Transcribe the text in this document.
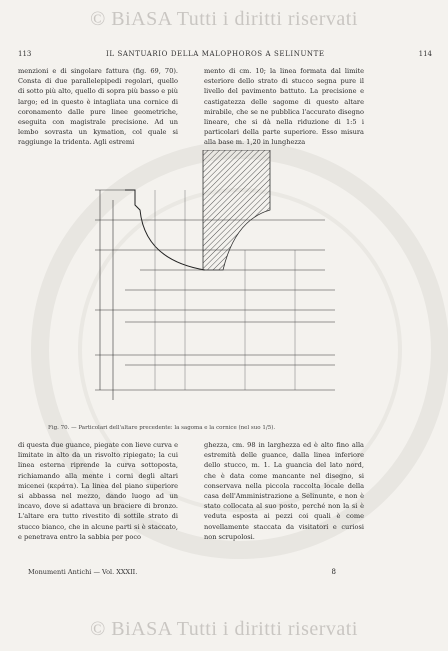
© BiASA Tutti i diritti riservati
113	IL SANTUARIO DELLA MALOPHOROS A SELINUNTE	114

menzioni e di singolare fattura (fig. 69, 70). Consta di due parallelepipedi regolari, quello di sotto più alto, quello di sopra più basso e più largo; ed in questo è intagliata una cornice di coronamento dalle pure linee geometriche, eseguita con magistrale precisione. Ad un lembo sovrasta un kymation, col quale si raggiunge la tridenta. Agli estremi

mento di cm. 10; la linea formata dal limite esteriore dello strato di stucco segna pure il livello del pavimento battuto. La precisione e castigatezza delle sagome di questo altare mirabile, che se ne pubblica l'accurato disegno lineare, che si dà nella riduzione di 1:5 i particolari della parte superiore. Esso misura alla base m. 1,20 in lunghezza

Fig. 70. — Particolari dell'altare precedente: la sagoma e la cornice (nel suo 1/5).

di questa due guance, piegate con lieve curva e limitate in alto da un risvolto ripiegato; la cui linea esterna riprende la curva sottoposta, richiamando alla mente i corni degli altari micenei (κεράτα). La linea del piano superiore si abbassa nel mezzo, dando luogo ad un incavo, dove si adattava un braciere di bronzo. L'altare era tutto rivestito di sottile strato di stucco bianco, che in alcune parti si è staccato, e penetrava entro la sabbia per poco

ghezza, cm. 98 in larghezza ed è alto fino alla estremità delle guance, dalla linea inferiore dello stucco, m. 1. La guancia del lato nord, che è data come mancante nel disegno, si conservava nella piccola raccolta locale della casa dell'Amministrazione a Selinunte, e non è stato collocata al suo posto, perché non la si è veduta esposta ai pezzi coi quali è come novellamente staccata da visitatori e curiosi non scrupolosi.

Monumenti Antichi — Vol. XXXII.	8
© BiASA Tutti i diritti riservati
